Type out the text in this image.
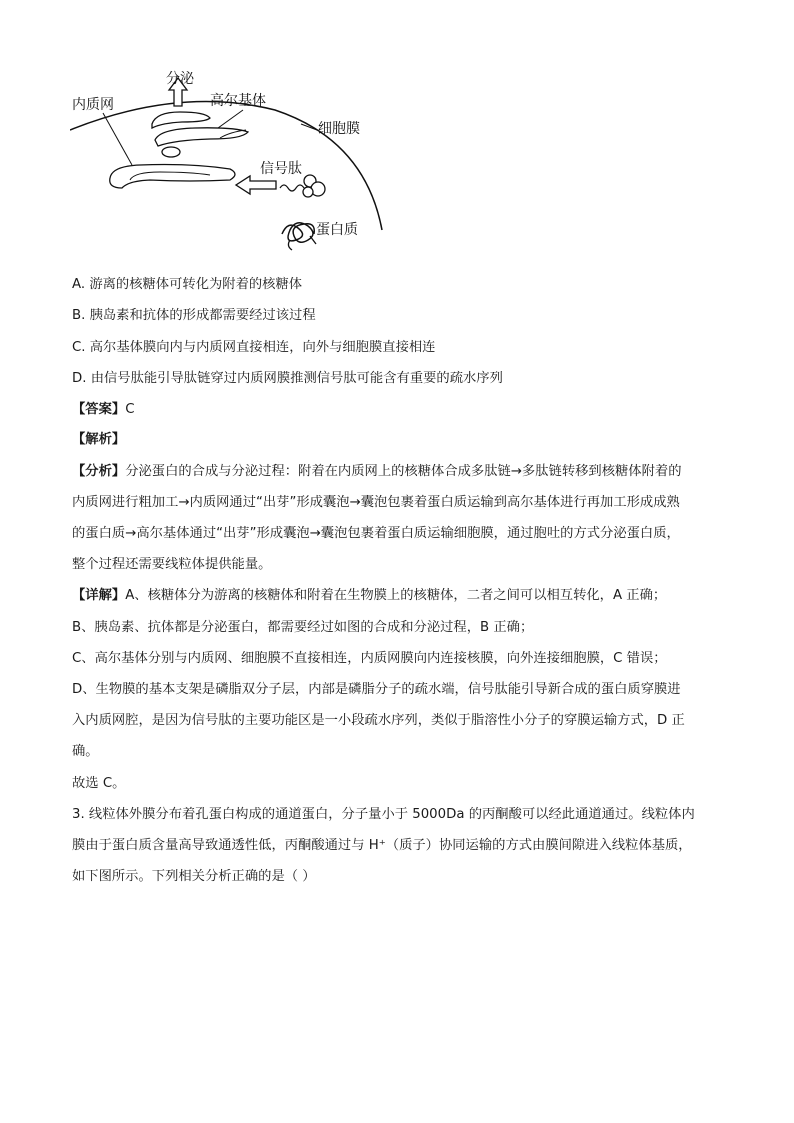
分泌
高尔基体
内质网
细胞膜
信号肽
蛋白质
A. 游离的核糖体可转化为附着的核糖体
B. 胰岛素和抗体的形成都需要经过该过程
C. 高尔基体膜向内与内质网直接相连，向外与细胞膜直接相连
D. 由信号肽能引导肽链穿过内质网膜推测信号肽可能含有重要的疏水序列
【答案】C
【解析】
【分析】分泌蛋白的合成与分泌过程：附着在内质网上的核糖体合成多肽链→多肽链转移到核糖体附着的
内质网进行粗加工→内质网通过“出芽”形成囊泡→囊泡包裹着蛋白质运输到高尔基体进行再加工形成成熟
的蛋白质→高尔基体通过“出芽”形成囊泡→囊泡包裹着蛋白质运输细胞膜，通过胞吐的方式分泌蛋白质，
整个过程还需要线粒体提供能量。
【详解】A、核糖体分为游离的核糖体和附着在生物膜上的核糖体，二者之间可以相互转化，A 正确；
B、胰岛素、抗体都是分泌蛋白，都需要经过如图的合成和分泌过程，B 正确；
C、高尔基体分别与内质网、细胞膜不直接相连，内质网膜向内连接核膜，向外连接细胞膜，C 错误；
D、生物膜的基本支架是磷脂双分子层，内部是磷脂分子的疏水端，信号肽能引导新合成的蛋白质穿膜进
入内质网腔，是因为信号肽的主要功能区是一小段疏水序列，类似于脂溶性小分子的穿膜运输方式，D 正
确。
故选 C。
3. 线粒体外膜分布着孔蛋白构成的通道蛋白，分子量小于 5000Da 的丙酮酸可以经此通道通过。线粒体内
膜由于蛋白质含量高导致通透性低，丙酮酸通过与 H⁺（质子）协同运输的方式由膜间隙进入线粒体基质，
如下图所示。下列相关分析正确的是（ ）
